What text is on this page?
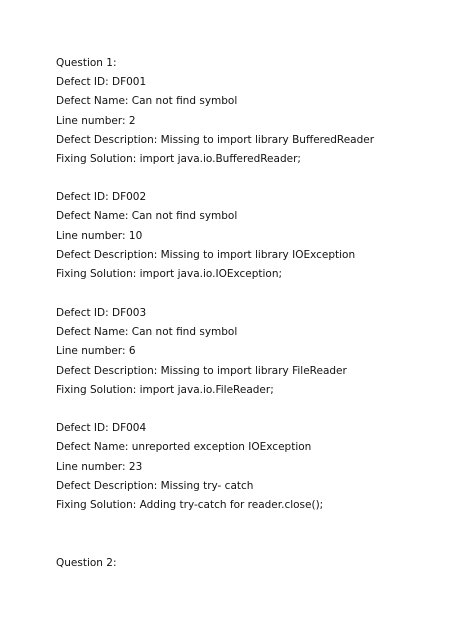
Question 1:
Defect ID: DF001
Defect Name: Can not find symbol
Line number: 2
Defect Description: Missing to import library BufferedReader
Fixing Solution: import java.io.BufferedReader;
Defect ID: DF002
Defect Name: Can not find symbol
Line number: 10
Defect Description: Missing to import library IOException
Fixing Solution: import java.io.IOException;
Defect ID: DF003
Defect Name: Can not find symbol
Line number: 6
Defect Description: Missing to import library FileReader
Fixing Solution: import java.io.FileReader;
Defect ID: DF004
Defect Name: unreported exception IOException
Line number: 23
Defect Description: Missing try- catch
Fixing Solution: Adding try-catch for reader.close();
Question 2:
